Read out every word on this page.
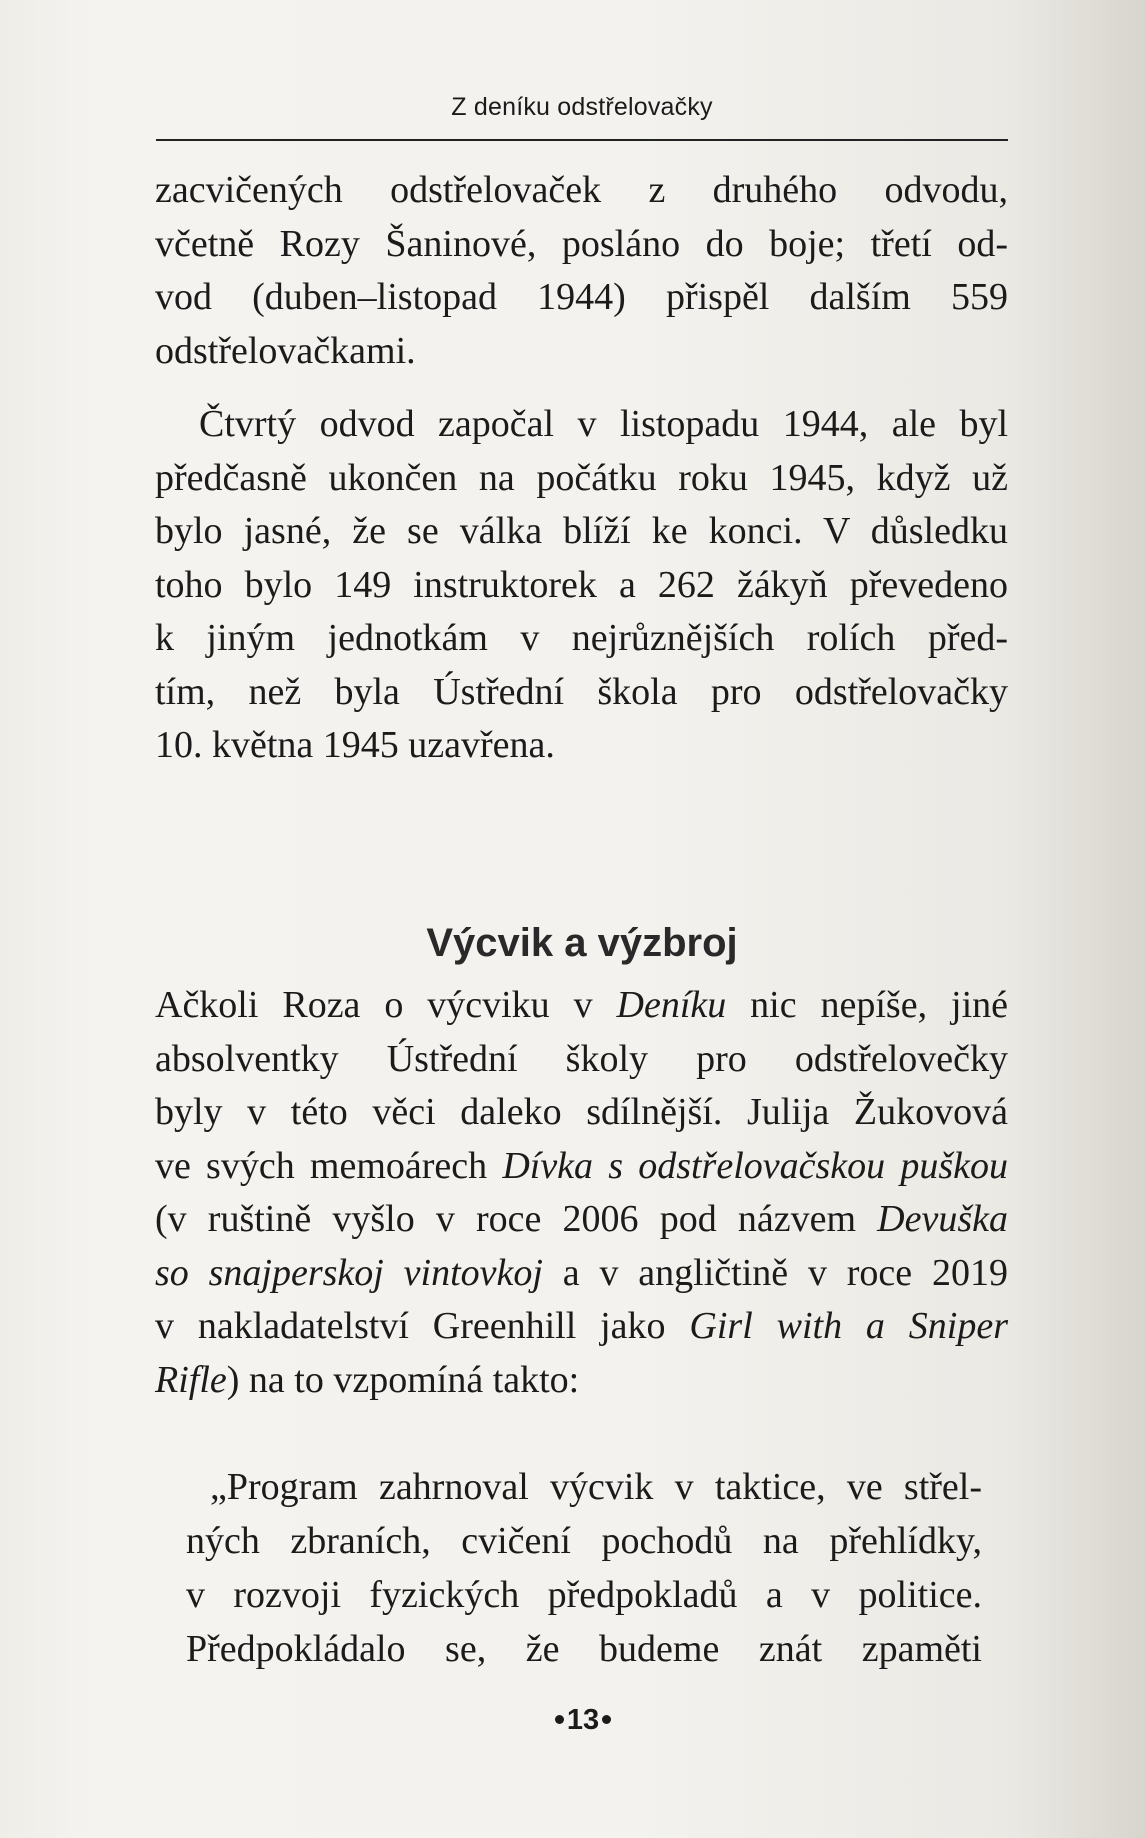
Z deníku odstřelovačky

zacvičených odstřelovaček z druhého odvodu,
včetně Rozy Šaninové, posláno do boje; třetí od-
vod (duben–listopad 1944) přispěl dalším 559
odstřelovačkami.

Čtvrtý odvod započal v listopadu 1944, ale byl
předčasně ukončen na počátku roku 1945, když už
bylo jasné, že se válka blíží ke konci. V důsledku
toho bylo 149 instruktorek a 262 žákyň převedeno
k jiným jednotkám v nejrůznějších rolích před-
tím, než byla Ústřední škola pro odstřelovačky
10. května 1945 uzavřena.

Výcvik a výzbroj

Ačkoli Roza o výcviku v Deníku nic nepíše, jiné
absolventky Ústřední školy pro odstřelovečky
byly v této věci daleko sdílnější. Julija Žukovová
ve svých memoárech Dívka s odstřelovačskou puškou
(v ruštině vyšlo v roce 2006 pod názvem Devuška
so snajperskoj vintovkoj a v angličtině v roce 2019
v nakladatelství Greenhill jako Girl with a Sniper
Rifle) na to vzpomíná takto:

„Program zahrnoval výcvik v taktice, ve střel-
ných zbraních, cvičení pochodů na přehlídky,
v rozvoji fyzických předpokladů a v politice.
Předpokládalo se, že budeme znát zpaměti

13
